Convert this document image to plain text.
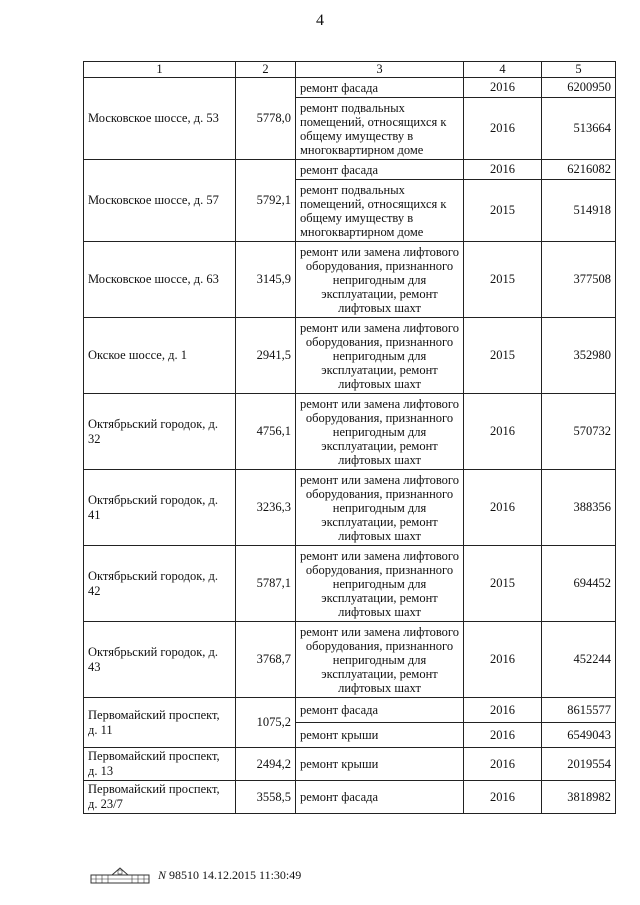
4
1	2	3	4	5
Московское шоссе, д. 53	5778,0	ремонт фасада	2016	6200950
		ремонт подвальных помещений, относящихся к общему имуществу в многоквартирном доме	2016	513664
Московское шоссе, д. 57	5792,1	ремонт фасада	2016	6216082
		ремонт подвальных помещений, относящихся к общему имуществу в многоквартирном доме	2015	514918
Московское шоссе, д. 63	3145,9	ремонт или замена лифтового оборудования, признанного непригодным для эксплуатации, ремонт лифтовых шахт	2015	377508
Окское шоссе, д. 1	2941,5	ремонт или замена лифтового оборудования, признанного непригодным для эксплуатации, ремонт лифтовых шахт	2015	352980
Октябрьский городок, д. 32	4756,1	ремонт или замена лифтового оборудования, признанного непригодным для эксплуатации, ремонт лифтовых шахт	2016	570732
Октябрьский городок, д. 41	3236,3	ремонт или замена лифтового оборудования, признанного непригодным для эксплуатации, ремонт лифтовых шахт	2016	388356
Октябрьский городок, д. 42	5787,1	ремонт или замена лифтового оборудования, признанного непригодным для эксплуатации, ремонт лифтовых шахт	2015	694452
Октябрьский городок, д. 43	3768,7	ремонт или замена лифтового оборудования, признанного непригодным для эксплуатации, ремонт лифтовых шахт	2016	452244
Первомайский проспект, д. 11	1075,2	ремонт фасада	2016	8615577
		ремонт крыши	2016	6549043
Первомайский проспект, д. 13	2494,2	ремонт крыши	2016	2019554
Первомайский проспект, д. 23/7	3558,5	ремонт фасада	2016	3818982
N 98510 14.12.2015 11:30:49
